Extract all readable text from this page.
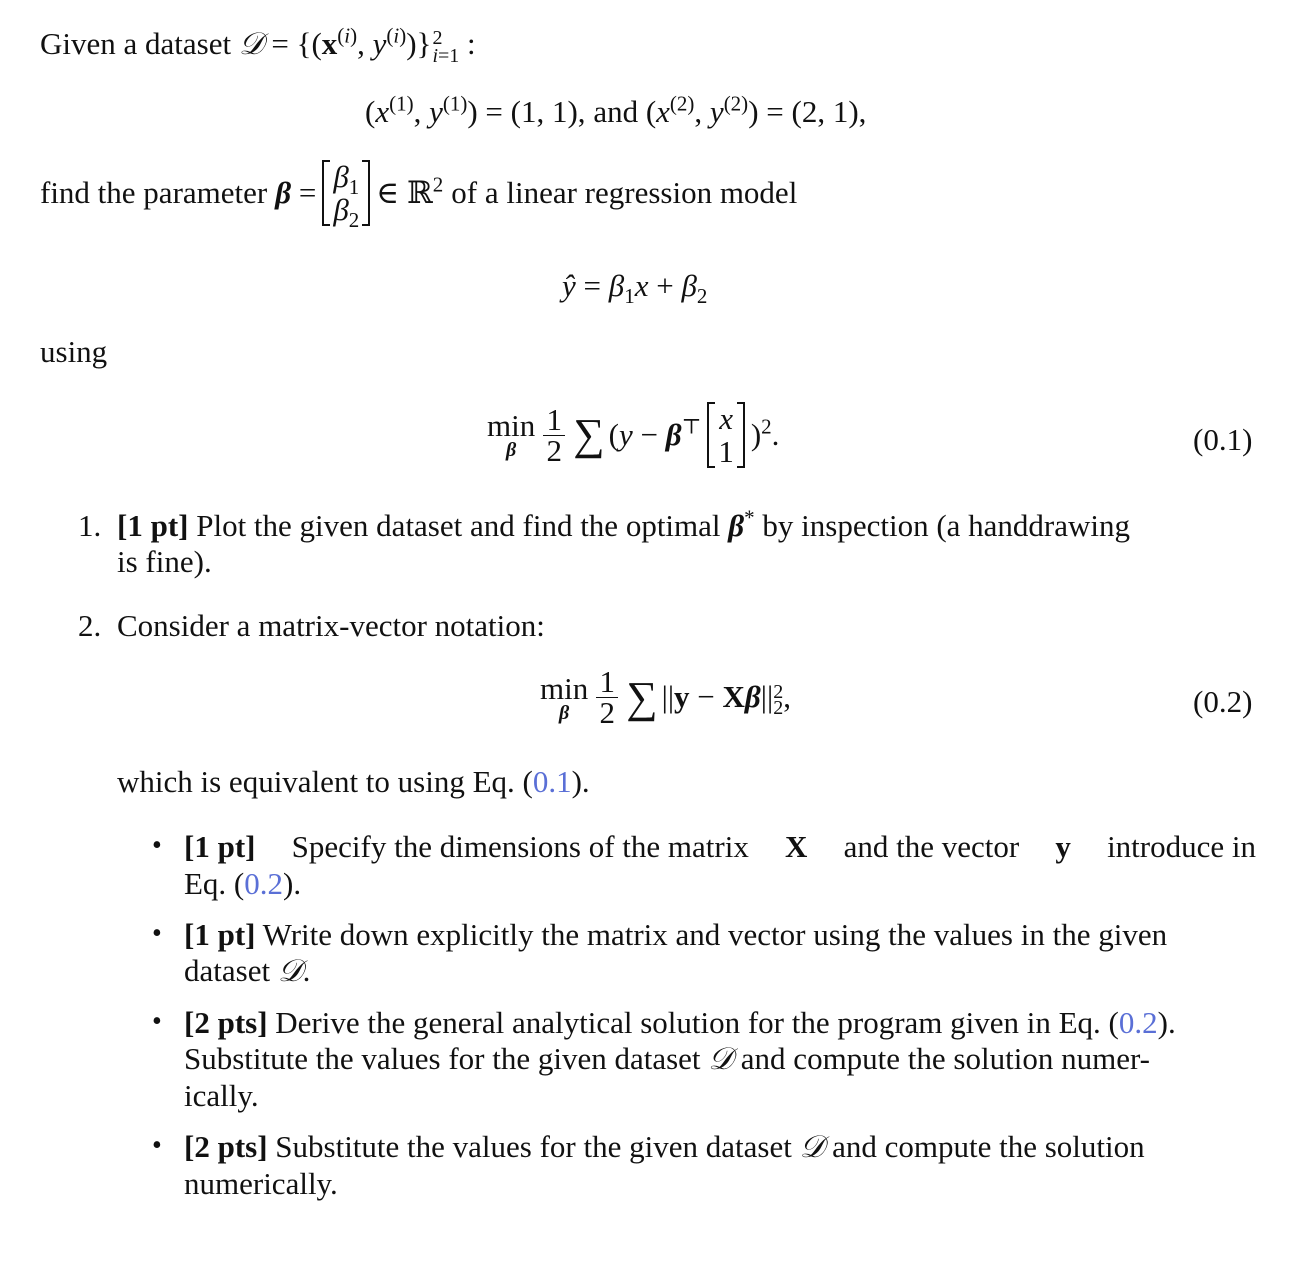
Given a dataset 𝒟 = {($x^{(i)}$, $y^{(i)}$)} 2
i=1 :
($x^{(1)}$, $y^{(1)}) = (1$, 1), and ($x^{(2)}$, $y^{(2)}) = (2$, 1),
find the parameter $\beta = \beta_1$
$\beta_2$
∈ ℝ$^2$ of a linear regression model
ŷ = $\beta_1x + \beta_2$
using
min
β $\frac{1}{2}$ ∑ (y − β⊤ x
1 )$^2$.	(0.1)
1. [1 pt] Plot the given dataset and find the optimal β* by inspection (a handdrawing
is fine).
2. Consider a matrix-vector notation:
min
β $\frac{1}{2}$ ∑ ||y − Xβ|| 2
2 ,	(0.2)
which is equivalent to using Eq. (0.1).
• [1 pt] Specify the dimensions of the matrix X and the vector y introduce in
Eq. (0.2).
• [1 pt] Write down explicitly the matrix and vector using the values in the given
dataset 𝒟.
• [2 pts] Derive the general analytical solution for the program given in Eq. (0.2).
Substitute the values for the given dataset 𝒟 and compute the solution numer-
ically.
• [2 pts] Substitute the values for the given dataset 𝒟 and compute the solution
numerically.
